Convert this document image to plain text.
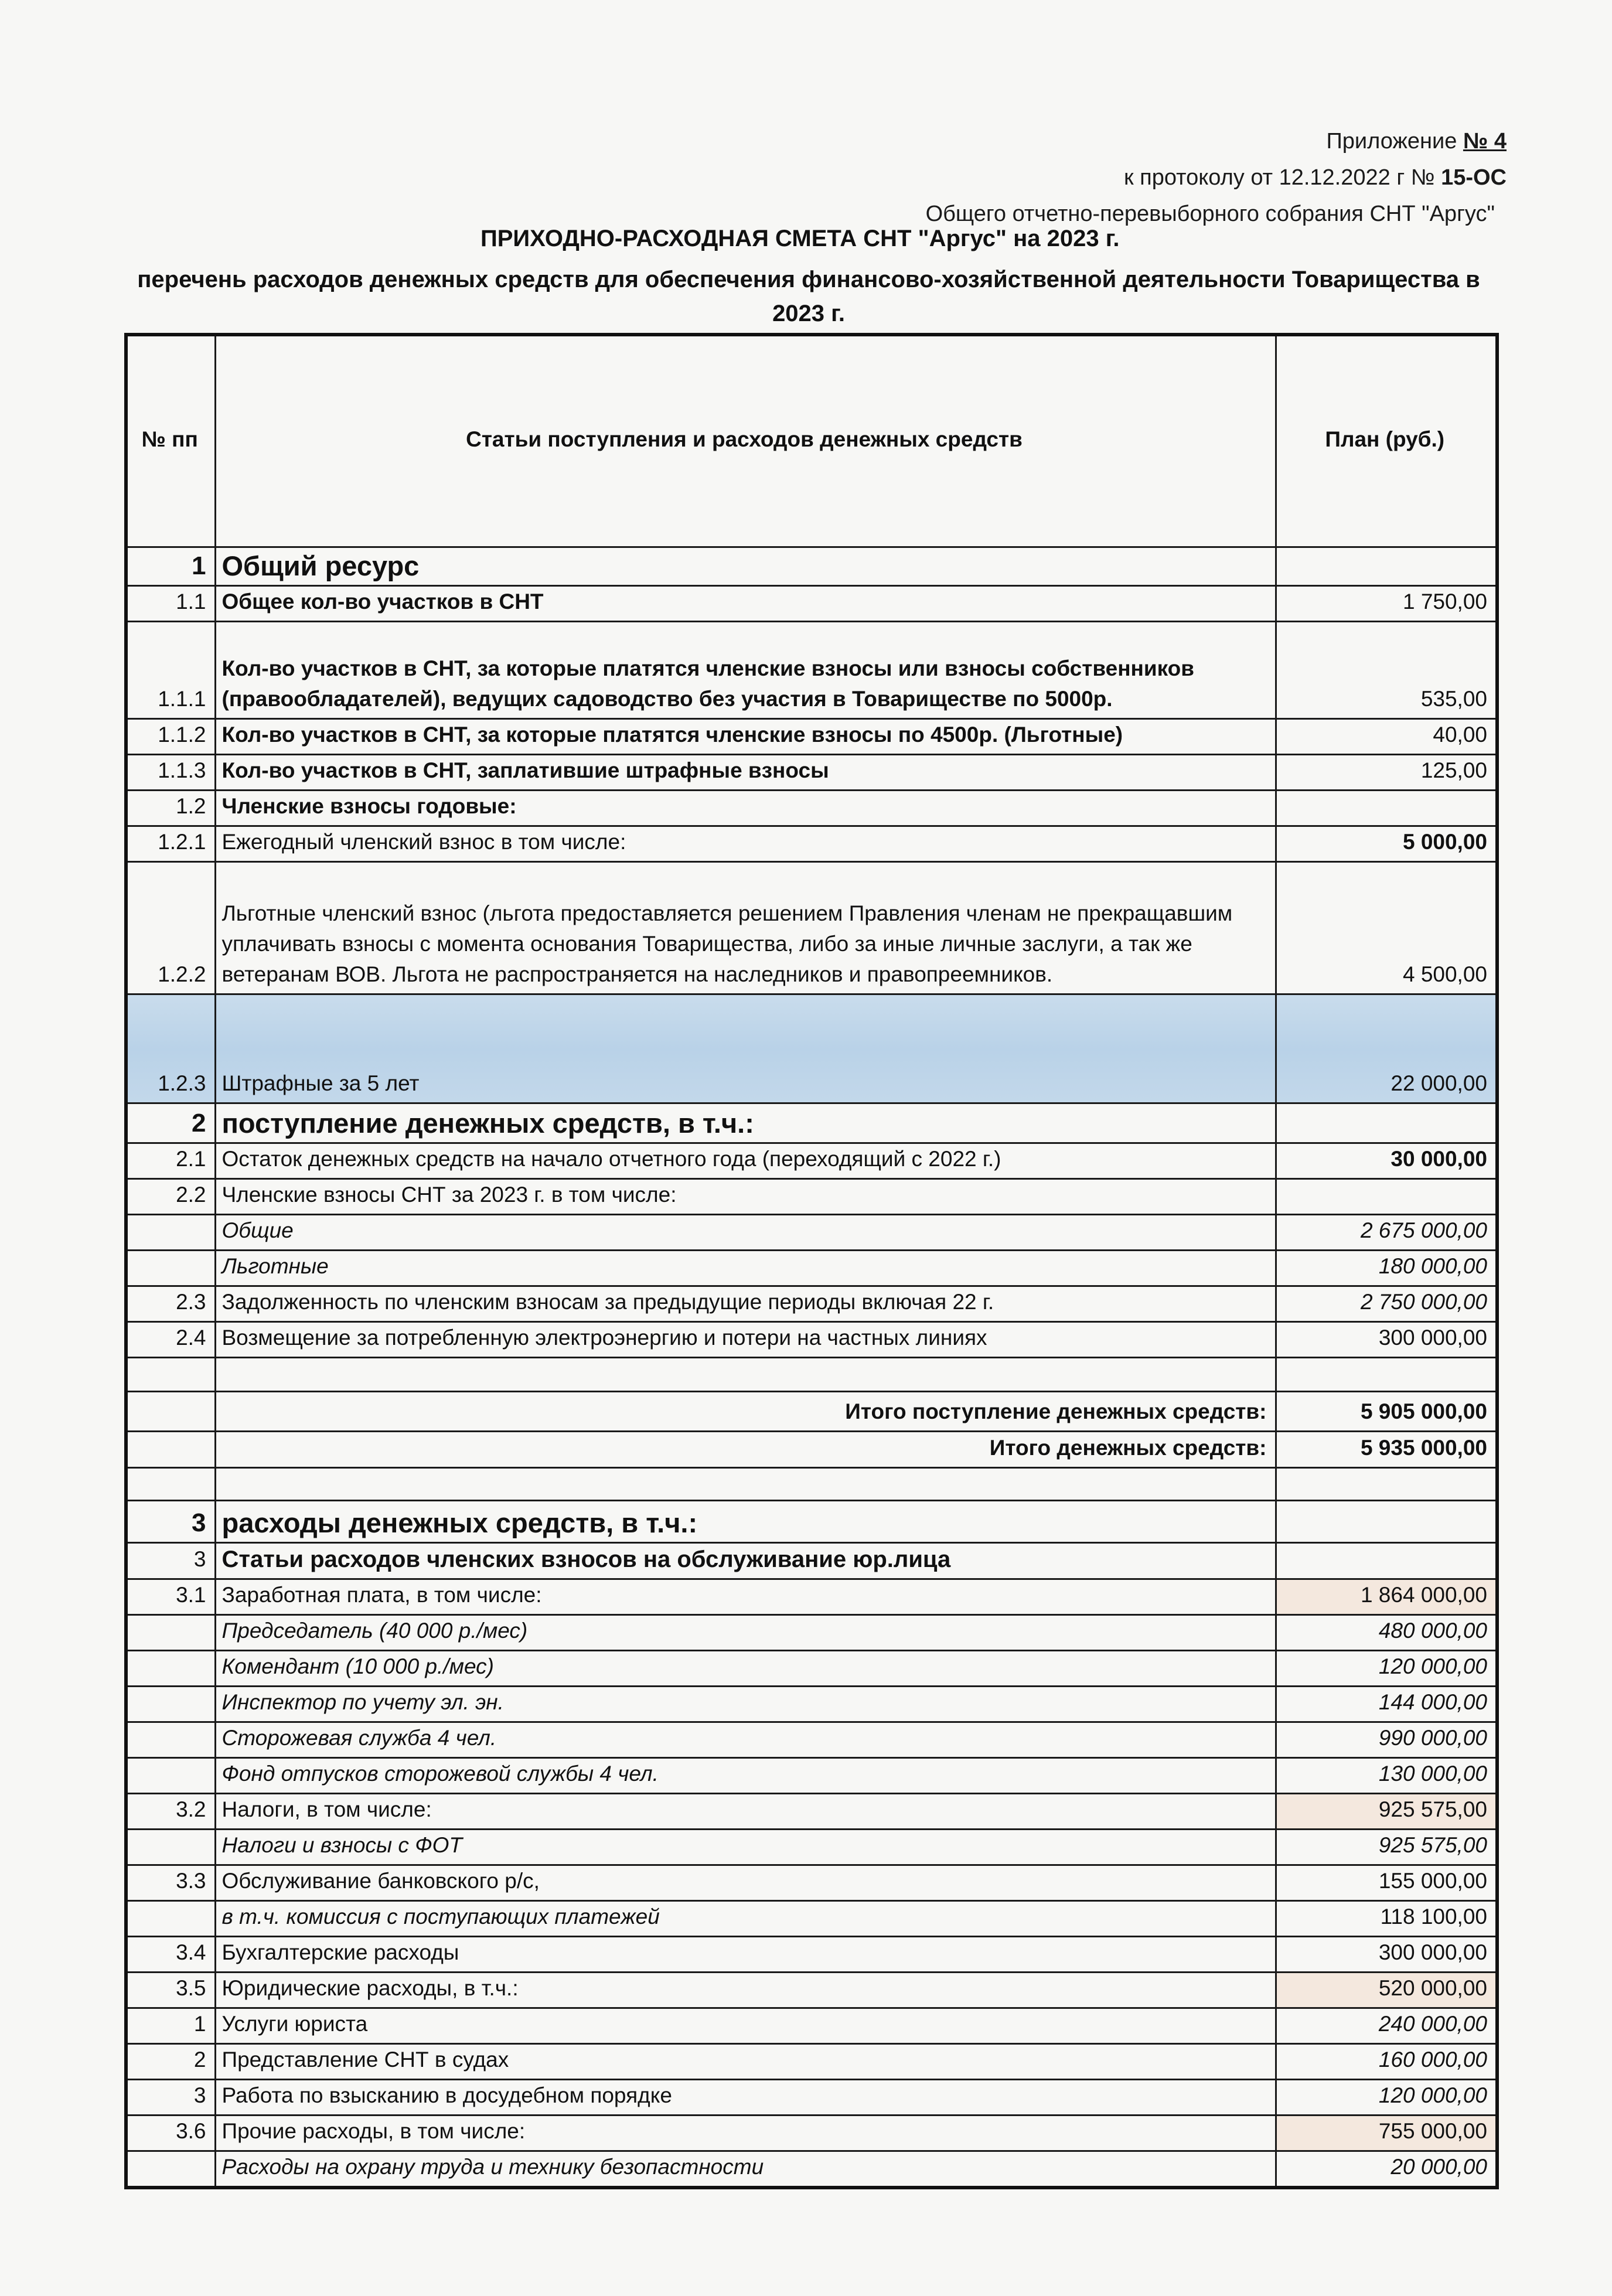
Приложение № 4
к протоколу от 12.12.2022 г № 15-ОС
Общего отчетно-перевыборного собрания СНТ "Аргус"
ПРИХОДНО-РАСХОДНАЯ СМЕТА СНТ "Аргус" на 2023 г.
перечень расходов денежных средств для обеспечения финансово-хозяйственной деятельности Товарищества в 2023 г.
№ пп	Статьи поступления и расходов денежных средств	План (руб.)
1	Общий ресурс	
1.1	Общее кол-во участков в СНТ	1 750,00
1.1.1	Кол-во участков в СНТ, за которые платятся членские взносы или взносы собственников (правообладателей), ведущих садоводство без участия в Товариществе по 5000р.	535,00
1.1.2	Кол-во участков в СНТ, за которые платятся членские взносы по 4500р. (Льготные)	40,00
1.1.3	Кол-во участков в СНТ, заплатившие штрафные взносы	125,00
1.2	Членские взносы годовые:	
1.2.1	Ежегодный членский взнос в том числе:	5 000,00
1.2.2	Льготные членский взнос (льгота предоставляется решением Правления членам не прекращавшим уплачивать взносы с момента основания Товарищества, либо за иные личные заслуги, а так же ветеранам ВОВ. Льгота не распространяется на наследников и правопреемников.	4 500,00
1.2.3	Штрафные за 5 лет	22 000,00
2	поступление денежных средств, в т.ч.:	
2.1	Остаток денежных средств на начало отчетного года (переходящий с 2022 г.)	30 000,00
2.2	Членские взносы СНТ за 2023 г. в том числе:	
	Общие	2 675 000,00
	Льготные	180 000,00
2.3	Задолженность по членским взносам за предыдущие периоды включая 22 г.	2 750 000,00
2.4	Возмещение за потребленную электроэнергию и потери на частных линиях	300 000,00

	Итого поступление денежных средств:	5 905 000,00
	Итого денежных средств:	5 935 000,00

3	расходы денежных средств, в т.ч.:	
3	Статьи расходов членских взносов на обслуживание юр.лица	
3.1	Заработная плата, в том числе:	1 864 000,00
	Председатель (40 000 р./мес)	480 000,00
	Комендант (10 000 р./мес)	120 000,00
	Инспектор по учету эл. эн.	144 000,00
	Сторожевая служба 4 чел.	990 000,00
	Фонд отпусков сторожевой службы 4 чел.	130 000,00
3.2	Налоги, в том числе:	925 575,00
	Налоги и взносы с ФОТ	925 575,00
3.3	Обслуживание банковского р/с,	155 000,00
	в т.ч. комиссия с поступающих платежей	118 100,00
3.4	Бухгалтерские расходы	300 000,00
3.5	Юридические расходы, в т.ч.:	520 000,00
1	Услуги юриста	240 000,00
2	Представление СНТ в судах	160 000,00
3	Работа по взысканию в досудебном порядке	120 000,00
3.6	Прочие расходы, в том числе:	755 000,00
	Расходы на охрану труда и технику безопастности	20 000,00
